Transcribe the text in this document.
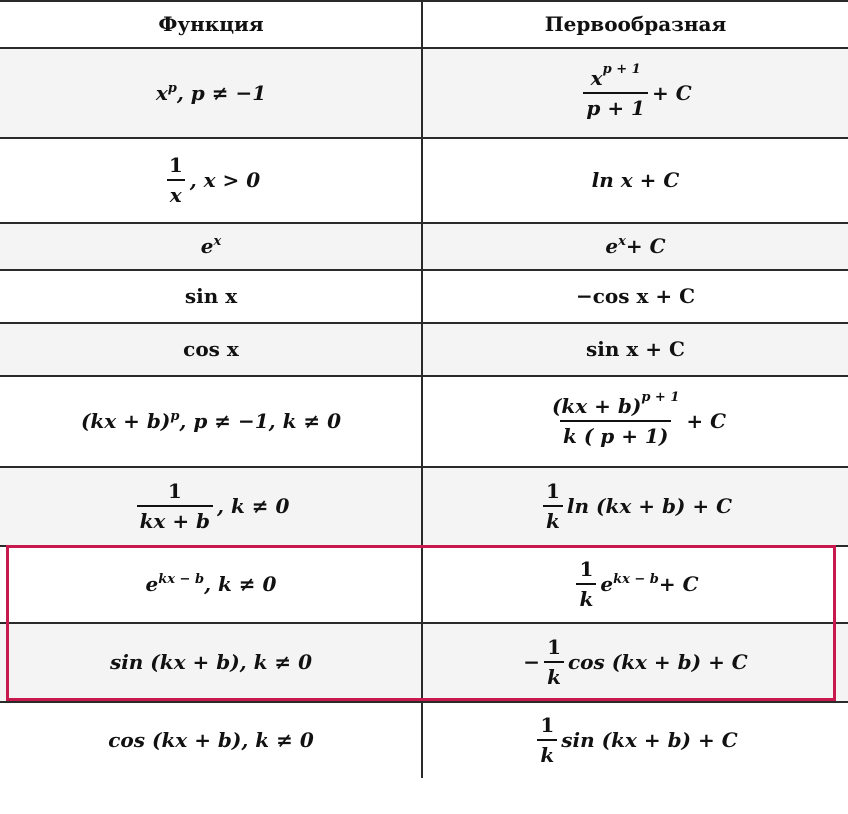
Функция	Первообразная
$x^p$ , p ≠ −1	$\frac{x^{p + 1}}{p + 1} + C$
$\frac{1}{x}$ , x > 0	ln x + C
$e^x$	$e^x + C$
sin x	−cos x + C
cos x	sin x + C
(kx + b)$^p$ , p ≠ −1, k ≠ 0	$\frac{(kx + b)^{p + 1}}{k ( p + 1)} + C$
$\frac{1}{kx + b}$ , k ≠ 0	$\frac{1}{k}$ ln (kx + b) + C
$e^{kx - b}$ , k ≠ 0	$\frac{1}{k} e^{kx - b} + C$
sin (kx + b), k ≠ 0	− $\frac{1}{k}$ cos (kx + b) + C
cos (kx + b), k ≠ 0	$\frac{1}{k}$ sin (kx + b) + C
